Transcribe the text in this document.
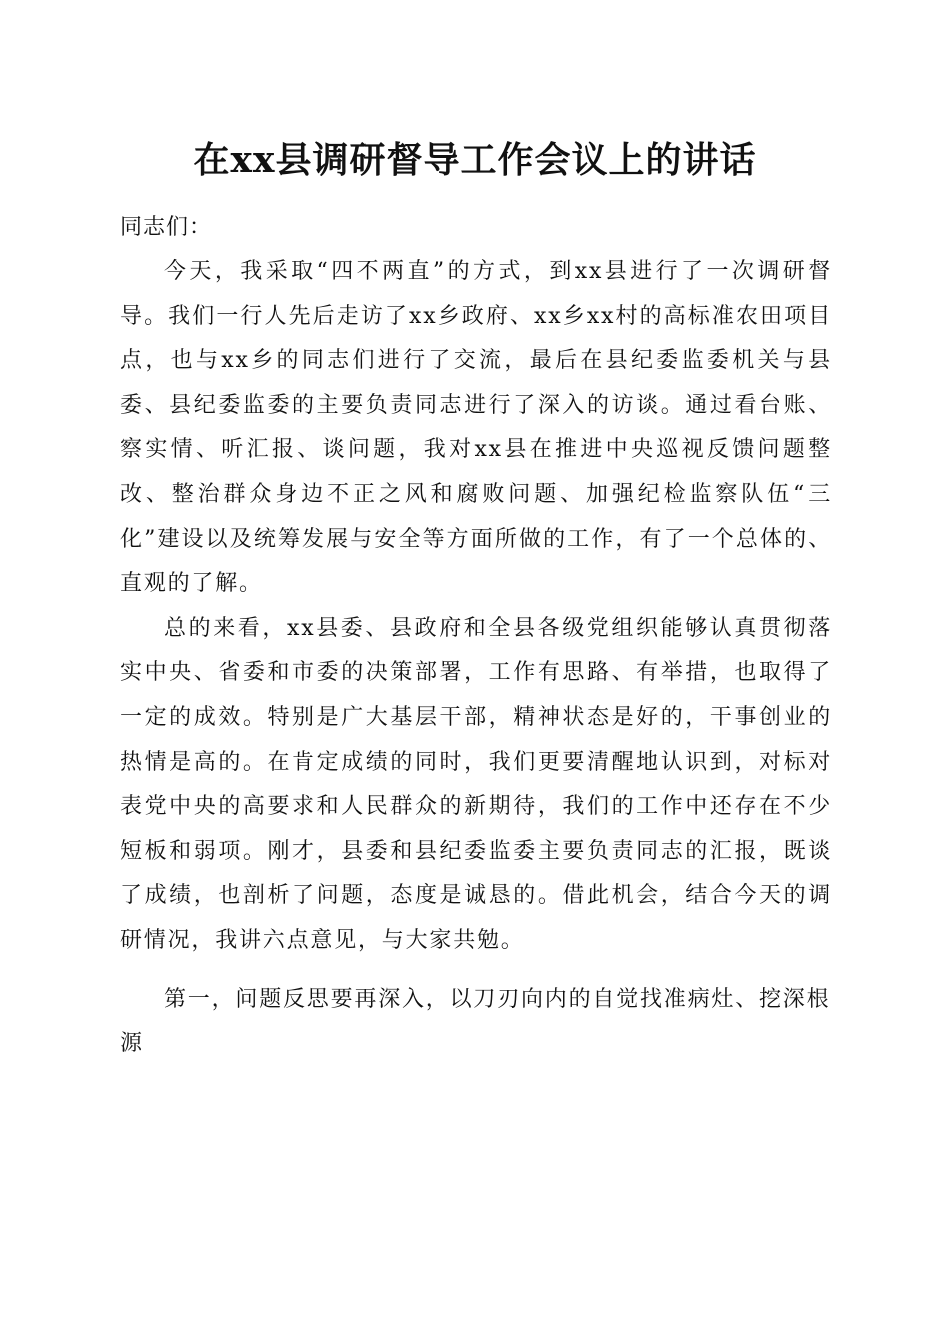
在xx县调研督导工作会议上的讲话

同志们：

今天，我采取“四不两直”的方式，到xx县进行了一次调研督导。我们一行人先后走访了xx乡政府、xx乡xx村的高标准农田项目点，也与xx乡的同志们进行了交流，最后在县纪委监委机关与县委、县纪委监委的主要负责同志进行了深入的访谈。通过看台账、察实情、听汇报、谈问题，我对xx县在推进中央巡视反馈问题整改、整治群众身边不正之风和腐败问题、加强纪检监察队伍“三化”建设以及统筹发展与安全等方面所做的工作，有了一个总体的、直观的了解。

总的来看，xx县委、县政府和全县各级党组织能够认真贯彻落实中央、省委和市委的决策部署，工作有思路、有举措，也取得了一定的成效。特别是广大基层干部，精神状态是好的，干事创业的热情是高的。在肯定成绩的同时，我们更要清醒地认识到，对标对表党中央的高要求和人民群众的新期待，我们的工作中还存在不少短板和弱项。刚才，县委和县纪委监委主要负责同志的汇报，既谈了成绩，也剖析了问题，态度是诚恳的。借此机会，结合今天的调研情况，我讲六点意见，与大家共勉。

第一，问题反思要再深入，以刀刃向内的自觉找准病灶、挖深根源
